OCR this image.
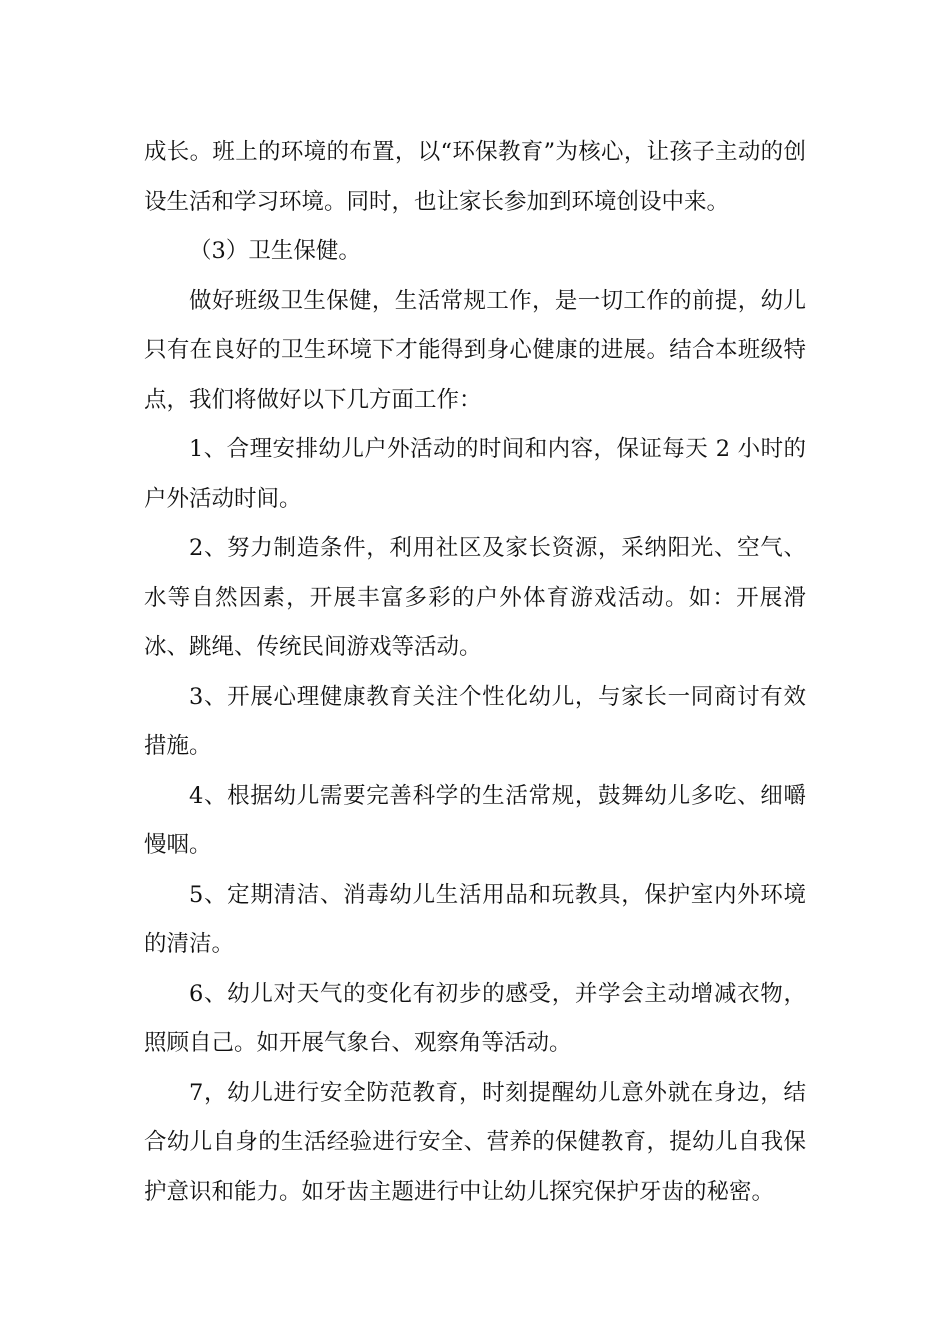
成长。班上的环境的布置，以“环保教育”为核心，让孩子主动的创设生活和学习环境。同时，也让家长参加到环境创设中来。

（3）卫生保健。

做好班级卫生保健，生活常规工作，是一切工作的前提，幼儿只有在良好的卫生环境下才能得到身心健康的进展。结合本班级特点，我们将做好以下几方面工作：

1、合理安排幼儿户外活动的时间和内容，保证每天 2 小时的户外活动时间。

2、努力制造条件，利用社区及家长资源，采纳阳光、空气、水等自然因素，开展丰富多彩的户外体育游戏活动。如：开展滑冰、跳绳、传统民间游戏等活动。

3、开展心理健康教育关注个性化幼儿，与家长一同商讨有效措施。

4、根据幼儿需要完善科学的生活常规，鼓舞幼儿多吃、细嚼慢咽。

5、定期清洁、消毒幼儿生活用品和玩教具，保护室内外环境的清洁。

6、幼儿对天气的变化有初步的感受，并学会主动增减衣物，照顾自己。如开展气象台、观察角等活动。

7，幼儿进行安全防范教育，时刻提醒幼儿意外就在身边，结合幼儿自身的生活经验进行安全、营养的保健教育，提幼儿自我保护意识和能力。如牙齿主题进行中让幼儿探究保护牙齿的秘密。
